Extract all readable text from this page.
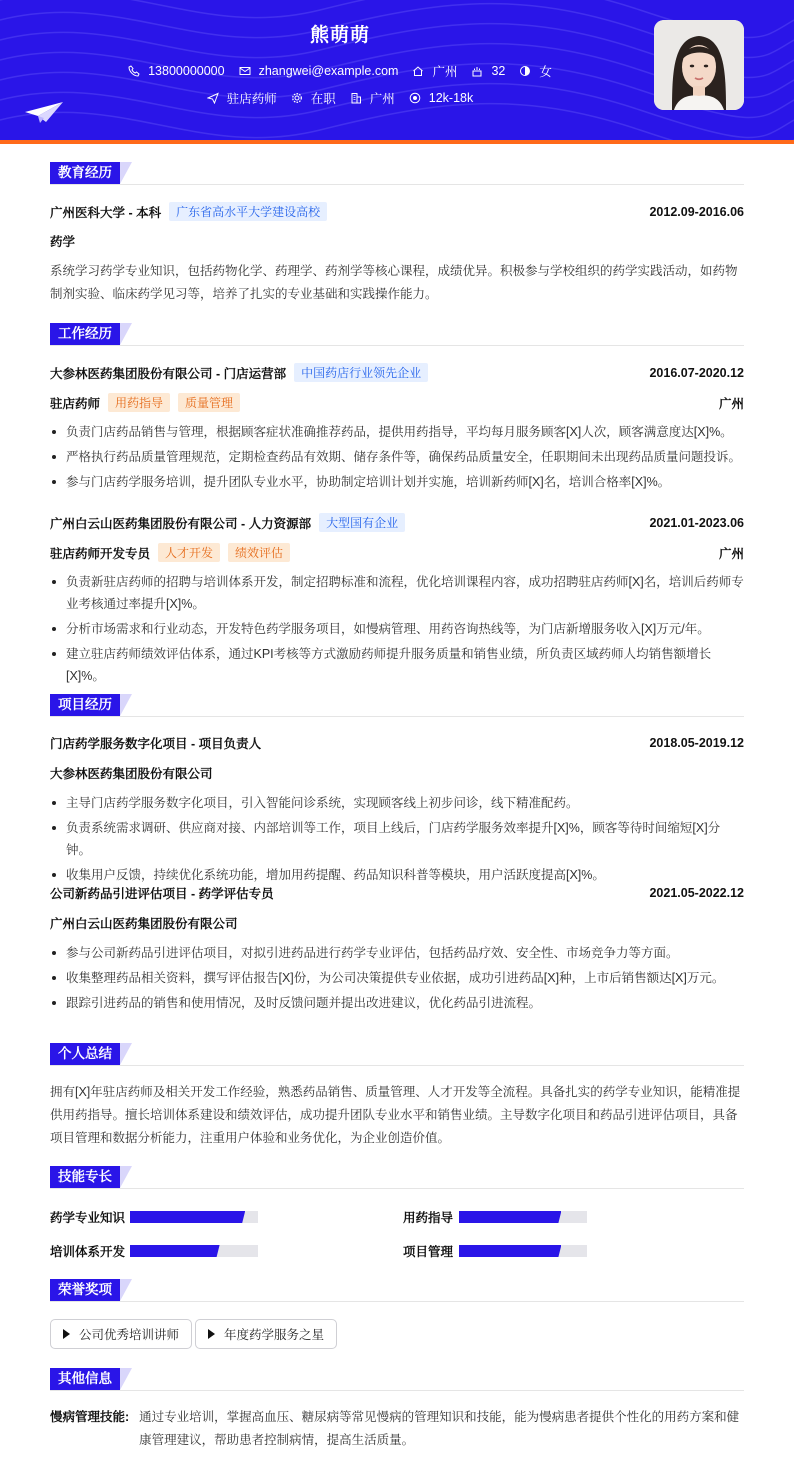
熊萌萌
13800000000	zhangwei@example.com	广州	32	女
驻店药师	在职	广州	12k-18k
教育经历
广州医科大学 - 本科	广东省高水平大学建设高校	2012.09-2016.06
药学
系统学习药学专业知识，包括药物化学、药理学、药剂学等核心课程，成绩优异。积极参与学校组织的药学实践活动，如药物制剂实验、临床药学见习等，培养了扎实的专业基础和实践操作能力。
工作经历
大参林医药集团股份有限公司 - 门店运营部	中国药店行业领先企业	2016.07-2020.12
驻店药师	用药指导	质量管理	广州
负责门店药品销售与管理，根据顾客症状准确推荐药品，提供用药指导，平均每月服务顾客[X]人次，顾客满意度达[X]%。
严格执行药品质量管理规范，定期检查药品有效期、储存条件等，确保药品质量安全，任职期间未出现药品质量问题投诉。
参与门店药学服务培训，提升团队专业水平，协助制定培训计划并实施，培训新药师[X]名，培训合格率[X]%。
广州白云山医药集团股份有限公司 - 人力资源部	大型国有企业	2021.01-2023.06
驻店药师开发专员	人才开发	绩效评估	广州
负责新驻店药师的招聘与培训体系开发，制定招聘标准和流程，优化培训课程内容，成功招聘驻店药师[X]名，培训后药师专业考核通过率提升[X]%。
分析市场需求和行业动态，开发特色药学服务项目，如慢病管理、用药咨询热线等，为门店新增服务收入[X]万元/年。
建立驻店药师绩效评估体系，通过KPI考核等方式激励药师提升服务质量和销售业绩，所负责区域药师人均销售额增长[X]%。
项目经历
门店药学服务数字化项目 - 项目负责人	2018.05-2019.12
大参林医药集团股份有限公司
主导门店药学服务数字化项目，引入智能问诊系统，实现顾客线上初步问诊，线下精准配药。
负责系统需求调研、供应商对接、内部培训等工作，项目上线后，门店药学服务效率提升[X]%，顾客等待时间缩短[X]分钟。
收集用户反馈，持续优化系统功能，增加用药提醒、药品知识科普等模块，用户活跃度提高[X]%。
公司新药品引进评估项目 - 药学评估专员	2021.05-2022.12
广州白云山医药集团股份有限公司
参与公司新药品引进评估项目，对拟引进药品进行药学专业评估，包括药品疗效、安全性、市场竞争力等方面。
收集整理药品相关资料，撰写评估报告[X]份，为公司决策提供专业依据，成功引进药品[X]种，上市后销售额达[X]万元。
跟踪引进药品的销售和使用情况，及时反馈问题并提出改进建议，优化药品引进流程。
个人总结
拥有[X]年驻店药师及相关开发工作经验，熟悉药品销售、质量管理、人才开发等全流程。具备扎实的药学专业知识，能精准提供用药指导。擅长培训体系建设和绩效评估，成功提升团队专业水平和销售业绩。主导数字化项目和药品引进评估项目，具备项目管理和数据分析能力，注重用户体验和业务优化，为企业创造价值。
技能专长
药学专业知识	用药指导
培训体系开发	项目管理
荣誉奖项
公司优秀培训讲师	年度药学服务之星
其他信息
慢病管理技能: 通过专业培训，掌握高血压、糖尿病等常见慢病的管理知识和技能，能为慢病患者提供个性化的用药方案和健康管理建议，帮助患者控制病情，提高生活质量。
